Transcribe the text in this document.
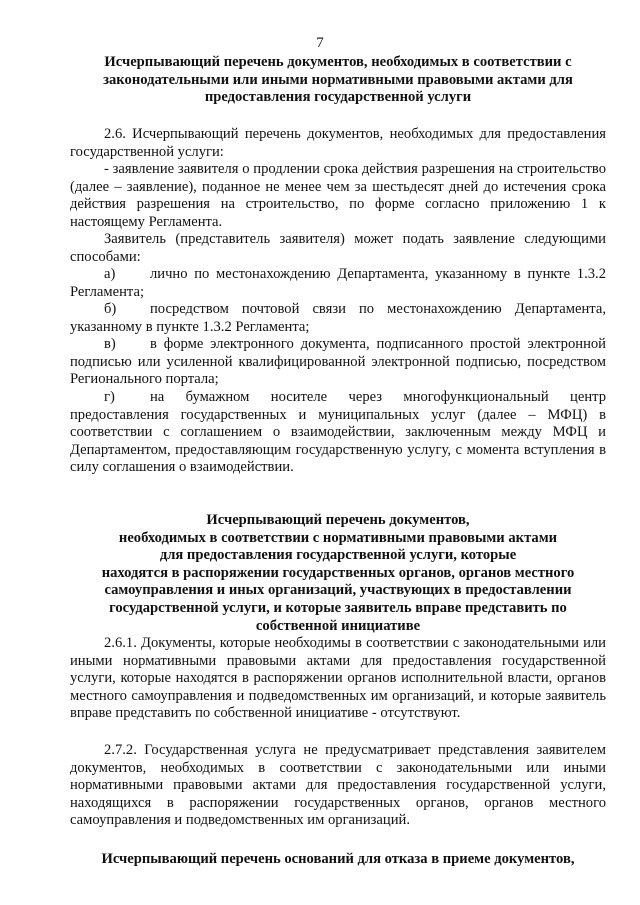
7
Исчерпывающий перечень документов, необходимых в соответствии с
законодательными или иными нормативными правовыми актами для
предоставления государственной услуги

2.6. Исчерпывающий перечень документов, необходимых для предоставления государственной услуги:

- заявление заявителя о продлении срока действия разрешения на строительство (далее – заявление), поданное не менее чем за шестьдесят дней до истечения срока действия разрешения на строительство, по форме согласно приложению 1 к настоящему Регламента.

Заявитель (представитель заявителя) может подать заявление следующими способами:

а) лично по местонахождению Департамента, указанному в пункте 1.3.2 Регламента;

б) посредством почтовой связи по местонахождению Департамента, указанному в пункте 1.3.2 Регламента;

в) в форме электронного документа, подписанного простой электронной подписью или усиленной квалифицированной электронной подписью, посредством Регионального портала;

г) на бумажном носителе через многофункциональный центр предоставления государственных и муниципальных услуг (далее – МФЦ) в соответствии с соглашением о взаимодействии, заключенным между МФЦ и Департаментом, предоставляющим государственную услугу, с момента вступления в силу соглашения о взаимодействии.

Исчерпывающий перечень документов,
необходимых в соответствии с нормативными правовыми актами
для предоставления государственной услуги, которые
находятся в распоряжении государственных органов, органов местного
самоуправления и иных организаций, участвующих в предоставлении
государственной услуги, и которые заявитель вправе представить по
собственной инициативе

2.6.1. Документы, которые необходимы в соответствии с законодательными или иными нормативными правовыми актами для предоставления государственной услуги, которые находятся в распоряжении органов исполнительной власти, органов местного самоуправления и подведомственных им организаций, и которые заявитель вправе представить по собственной инициативе - отсутствуют.

2.7.2. Государственная услуга не предусматривает представления заявителем документов, необходимых в соответствии с законодательными или иными нормативными правовыми актами для предоставления государственной услуги, находящихся в распоряжении государственных органов, органов местного самоуправления и подведомственных им организаций.

Исчерпывающий перечень оснований для отказа в приеме документов,
